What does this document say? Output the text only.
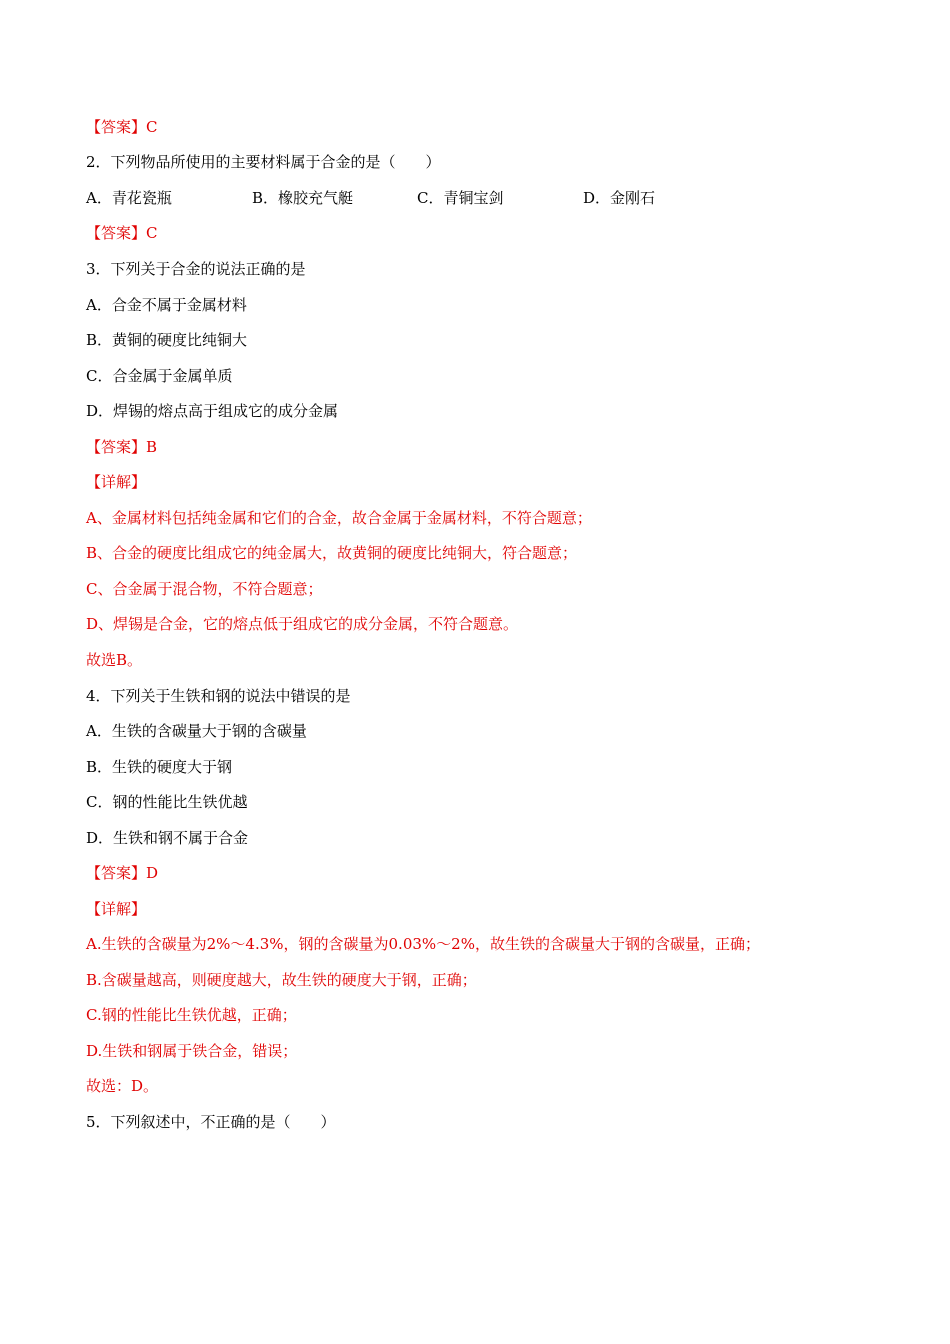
【答案】C
2．下列物品所使用的主要材料属于合金的是（　　）
A．青花瓷瓶	B．橡胶充气艇	C．青铜宝剑	D．金刚石
【答案】C
3．下列关于合金的说法正确的是
A．合金不属于金属材料
B．黄铜的硬度比纯铜大
C．合金属于金属单质
D．焊锡的熔点高于组成它的成分金属
【答案】B
【详解】
A、金属材料包括纯金属和它们的合金，故合金属于金属材料，不符合题意；
B、合金的硬度比组成它的纯金属大，故黄铜的硬度比纯铜大，符合题意；
C、合金属于混合物，不符合题意；
D、焊锡是合金，它的熔点低于组成它的成分金属，不符合题意。
故选B。
4．下列关于生铁和钢的说法中错误的是
A．生铁的含碳量大于钢的含碳量
B．生铁的硬度大于钢
C．钢的性能比生铁优越
D．生铁和钢不属于合金
【答案】D
【详解】
A.生铁的含碳量为2%～4.3%，钢的含碳量为0.03%～2%，故生铁的含碳量大于钢的含碳量，正确；
B.含碳量越高，则硬度越大，故生铁的硬度大于钢，正确；
C.钢的性能比生铁优越，正确；
D.生铁和钢属于铁合金，错误；
故选：D。
5．下列叙述中，不正确的是（　　）
